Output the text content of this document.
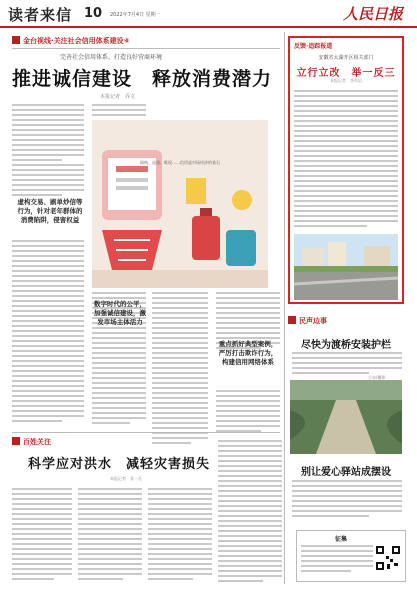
读者来信 10 2022年7月4日 星期一	人民日报
金台视线·关注社会信用体系建设④
完善社会信用体系，打造良好营商环境
推进诚信建设　释放消费潜力
本报记者　乔文
虚构交易、刷单炒信等行为，针对老年群体的消费陷阱，侵害权益
网购、退货、维权……信用是市场经济的基石
数字时代的公平，加强诚信建设，激发市场主体活力
重点抓好典型案例，严厉打击欺诈行为，构建信用网络体系
反馈·追踪报道
安徽省太湖开区相关部门
立行立改　举一反三
本报记者　李东岩
民声边事
尽快为渡桥安装护栏
小东/摄影
别让爱心驿站成摆设
征集
百姓关注
科学应对洪水　减轻灾害损失
本报记者　张一凡
